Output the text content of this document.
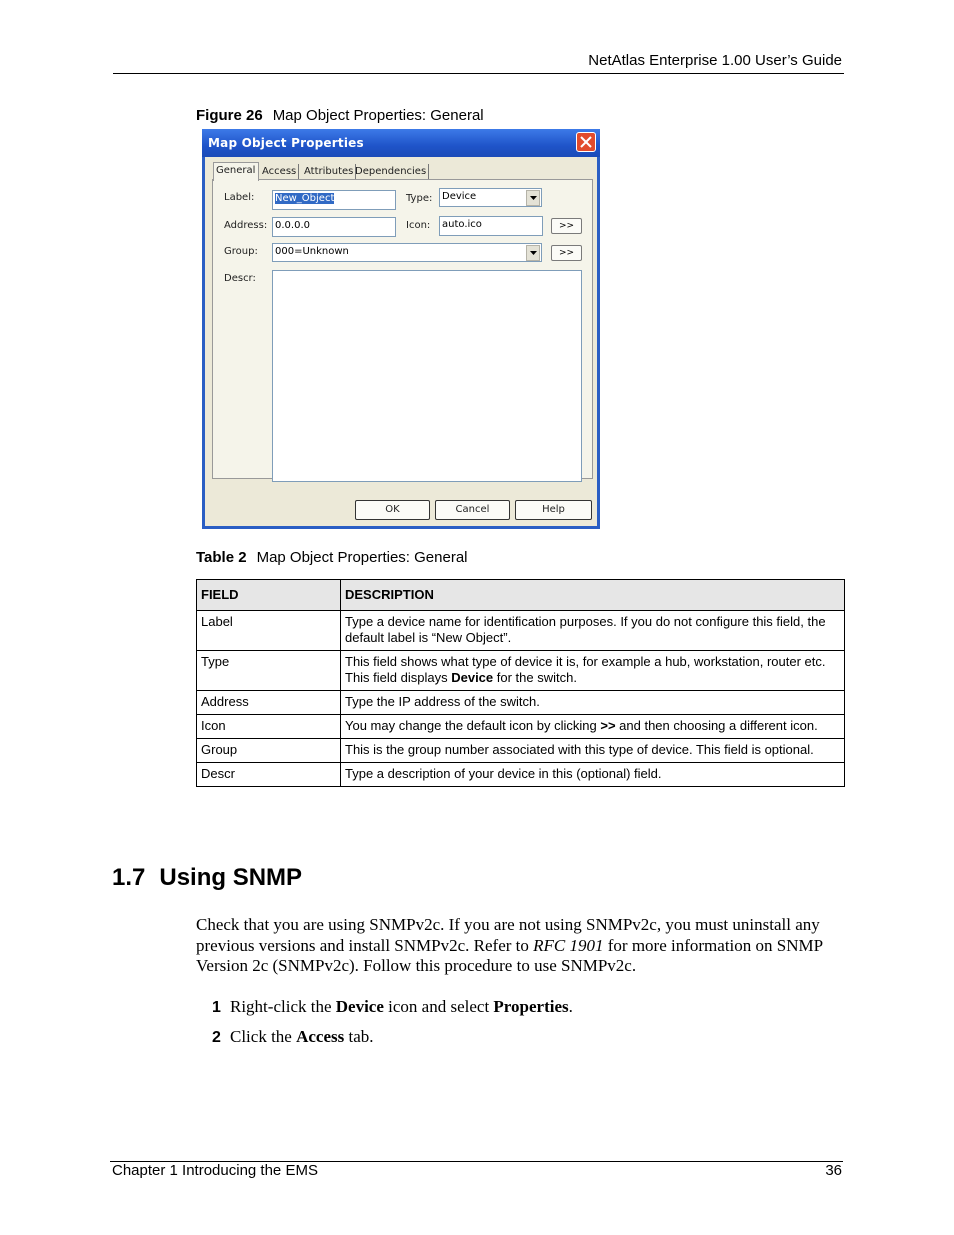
NetAtlas Enterprise 1.00 User’s Guide
Figure 26 Map Object Properties: General
Map Object Properties
General Access Attributes Dependencies
Label:	New_Object	Type: Device
Address: 0.0.0.0	Icon:	auto.ico	>>
Group:	000=Unknown	>>
Descr:
OK	Cancel	Help
Table 2 Map Object Properties: General
FIELD	DESCRIPTION
Label	Type a device name for identification purposes. If you do not configure this field, the default label is “New Object”.
Type	This field shows what type of device it is, for example a hub, workstation, router etc. This field displays Device for the switch.
Address	Type the IP address of the switch.
Icon	You may change the default icon by clicking >> and then choosing a different icon.
Group	This is the group number associated with this type of device. This field is optional.
Descr	Type a description of your device in this (optional) field.
1.7 Using SNMP
Check that you are using SNMPv2c. If you are not using SNMPv2c, you must uninstall any previous versions and install SNMPv2c. Refer to RFC 1901 for more information on SNMP Version 2c (SNMPv2c). Follow this procedure to use SNMPv2c.
1 Right-click the Device icon and select Properties.
2 Click the Access tab.
Chapter 1 Introducing the EMS	36
